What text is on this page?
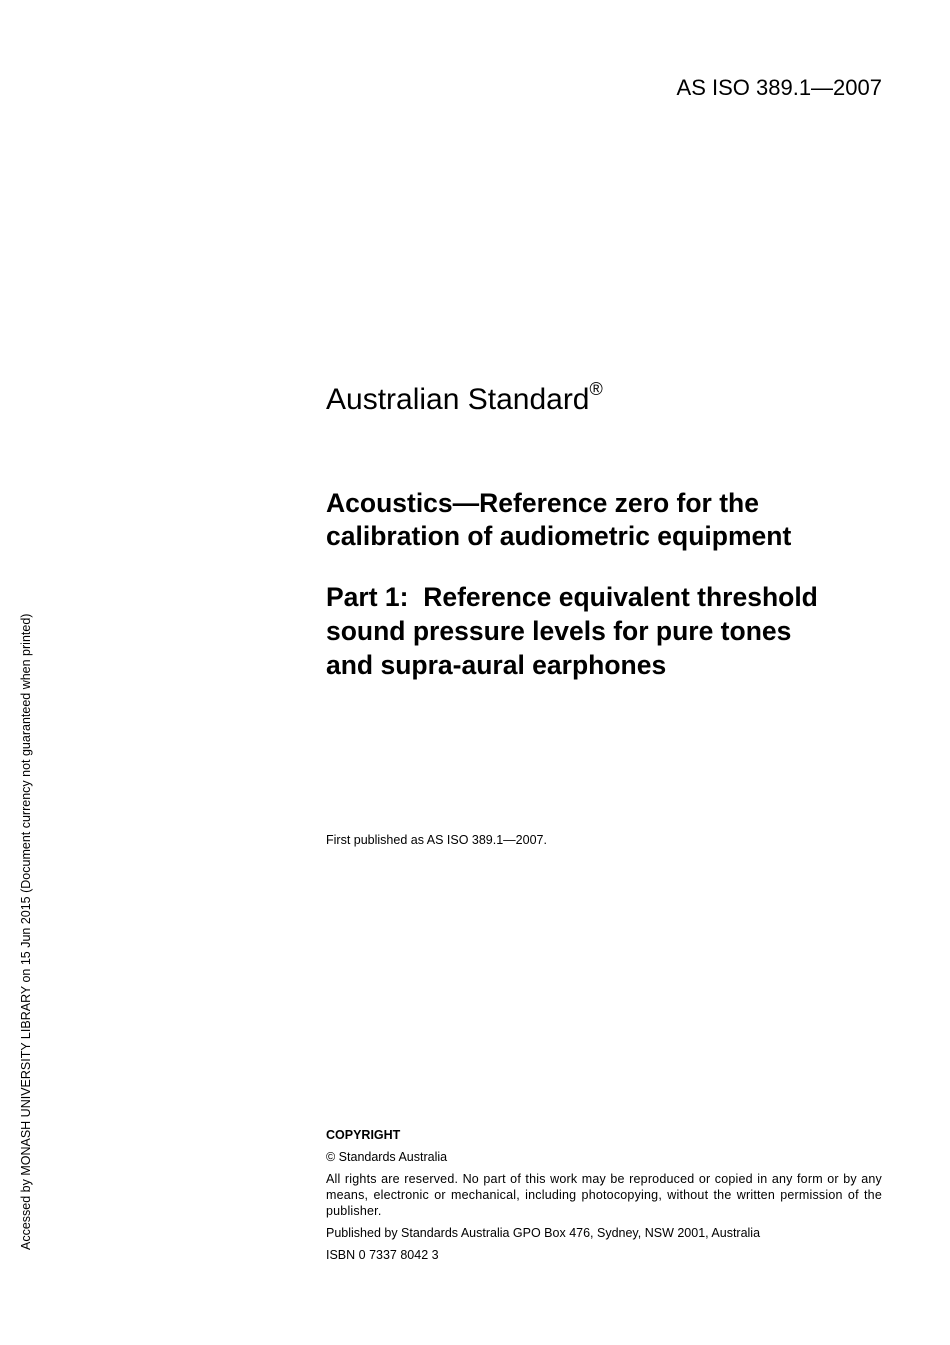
AS ISO 389.1—2007
Accessed by MONASH UNIVERSITY LIBRARY on 15 Jun 2015 (Document currency not guaranteed when printed)
Australian Standard®
Acoustics—Reference zero for the
calibration of audiometric equipment
Part 1:  Reference equivalent threshold
sound pressure levels for pure tones
and supra-aural earphones
First published as AS ISO 389.1—2007.
COPYRIGHT
© Standards Australia
All rights are reserved. No part of this work may be reproduced or copied in any form or by any means, electronic or mechanical, including photocopying, without the written permission of the publisher.
Published by Standards Australia GPO Box 476, Sydney, NSW 2001, Australia
ISBN 0 7337 8042 3
